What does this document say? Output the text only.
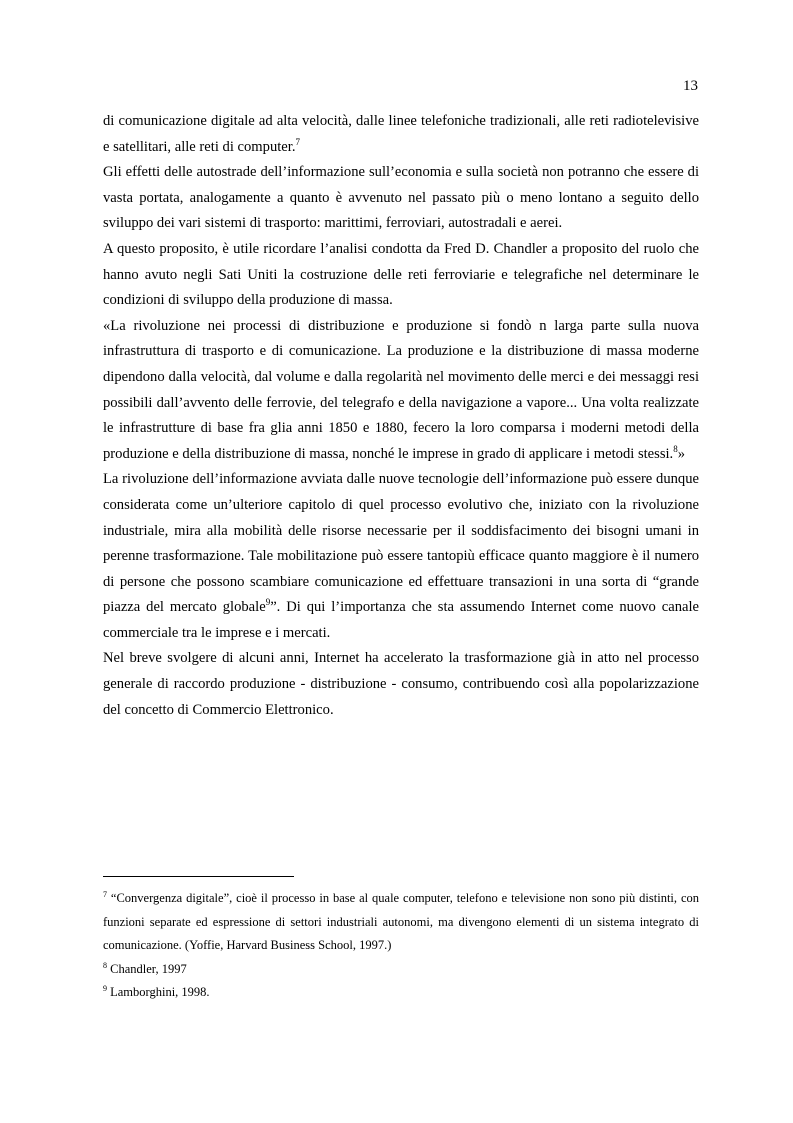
13

di comunicazione digitale ad alta velocità, dalle linee telefoniche tradizionali, alle reti radiotelevisive e satellitari, alle reti di computer.$^7$

Gli effetti delle autostrade dell’informazione sull’economia e sulla società non potranno che essere di vasta portata, analogamente a quanto è avvenuto nel passato più o meno lontano a seguito dello sviluppo dei vari sistemi di trasporto: marittimi, ferroviari, autostradali e aerei.

A questo proposito, è utile ricordare l’analisi condotta da Fred D. Chandler a proposito del ruolo che hanno avuto negli Sati Uniti la costruzione delle reti ferroviarie e telegrafiche nel determinare le condizioni di sviluppo della produzione di massa.

«La rivoluzione nei processi di distribuzione e produzione si fondò n larga parte sulla nuova infrastruttura di trasporto e di comunicazione. La produzione e la distribuzione di massa moderne dipendono dalla velocità, dal volume e dalla regolarità nel movimento delle merci e dei messaggi resi possibili dall’avvento delle ferrovie, del telegrafo e della navigazione a vapore... Una volta realizzate le infrastrutture di base fra glia anni 1850 e 1880, fecero la loro comparsa i moderni metodi della produzione e della distribuzione di massa, nonché le imprese in grado di applicare i metodi stessi.$^8$»

La rivoluzione dell’informazione avviata dalle nuove tecnologie dell’informazione può essere dunque considerata come un’ulteriore capitolo di quel processo evolutivo che, iniziato con la rivoluzione industriale, mira alla mobilità delle risorse necessarie per il soddisfacimento dei bisogni umani in perenne trasformazione. Tale mobilitazione può essere tantopiù efficace quanto maggiore è il numero di persone che possono scambiare comunicazione ed effettuare transazioni in una sorta di “grande piazza del mercato globale$^9$”. Di qui l’importanza che sta assumendo Internet come nuovo canale commerciale tra le imprese e i mercati.

Nel breve svolgere di alcuni anni, Internet ha accelerato la trasformazione già in atto nel processo generale di raccordo produzione - distribuzione - consumo, contribuendo così alla popolarizzazione del concetto di Commercio Elettronico.

$^7$ “Convergenza digitale”, cioè il processo in base al quale computer, telefono e televisione non sono più distinti, con funzioni separate ed espressione di settori industriali autonomi, ma divengono elementi di un sistema integrato di comunicazione. (Yoffie, Harvard Business School, 1997.)

$^8$ Chandler, 1997

$^9$ Lamborghini, 1998.
